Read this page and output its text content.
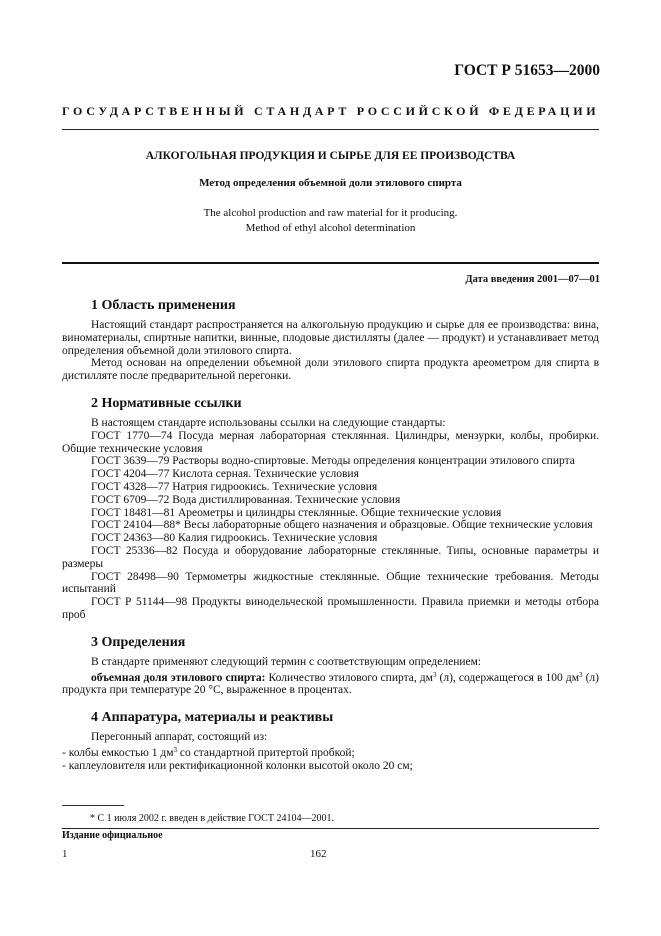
ГОСТ Р 51653—2000
ГОСУДАРСТВЕННЫЙ СТАНДАРТ РОССИЙСКОЙ ФЕДЕРАЦИИ
АЛКОГОЛЬНАЯ ПРОДУКЦИЯ И СЫРЬЕ ДЛЯ ЕЕ ПРОИЗВОДСТВА
Метод определения объемной доли этилового спирта
The alcohol production and raw material for it producing.
Method of ethyl alcohol determination
Дата введения 2001—07—01
1 Область применения

Настоящий стандарт распространяется на алкогольную продукцию и сырье для ее производства: вина, виноматериалы, спиртные напитки, винные, плодовые дистилляты (далее — продукт) и устанавливает метод определения объемной доли этилового спирта.

Метод основан на определении объемной доли этилового спирта продукта ареометром для спирта в дистилляте после предварительной перегонки.

2 Нормативные ссылки

В настоящем стандарте использованы ссылки на следующие стандарты:

ГОСТ 1770—74 Посуда мерная лабораторная стеклянная. Цилиндры, мензурки, колбы, пробирки. Общие технические условия

ГОСТ 3639—79 Растворы водно-спиртовые. Методы определения концентрации этилового спирта

ГОСТ 4204—77 Кислота серная. Технические условия

ГОСТ 4328—77 Натрия гидроокись. Технические условия

ГОСТ 6709—72 Вода дистиллированная. Технические условия

ГОСТ 18481—81 Ареометры и цилиндры стеклянные. Общие технические условия

ГОСТ 24104—88* Весы лабораторные общего назначения и образцовые. Общие технические условия

ГОСТ 24363—80 Калия гидроокись. Технические условия

ГОСТ 25336—82 Посуда и оборудование лабораторные стеклянные. Типы, основные параметры и размеры

ГОСТ 28498—90 Термометры жидкостные стеклянные. Общие технические требования. Методы испытаний

ГОСТ Р 51144—98 Продукты винодельческой промышленности. Правила приемки и методы отбора проб

3 Определения

В стандарте применяют следующий термин с соответствующим определением:

объемная доля этилового спирта: Количество этилового спирта, $дм^3$ (л), содержащегося в 100 $дм^3$ (л) продукта при температуре 20 °С, выраженное в процентах.

4 Аппаратура, материалы и реактивы

Перегонный аппарат, состоящий из:

- колбы емкостью 1 $дм^3$ со стандартной притертой пробкой;

- каплеуловителя или ректификационной колонки высотой около 20 см;

* С 1 июля 2002 г. введен в действие ГОСТ 24104—2001.
Издание официальное
1	162
